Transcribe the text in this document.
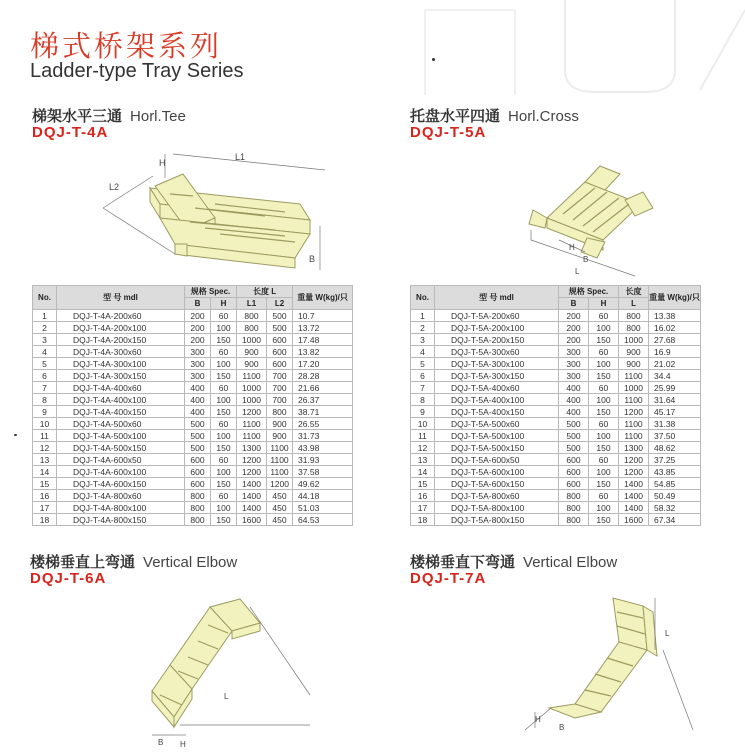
梯式桥架系列
Ladder-type Tray Series
梯架水平三通 Horl.Tee
DQJ-T-4A
H
L2
L1
B
No.	型 号 mdl	规格 Spec.		长度 L		重量 W(kg)/只
		B	H	L1	L2	
1	DQJ-T-4A-200x60	200	60	800	500	10.7
2	DQJ-T-4A-200x100	200	100	800	500	13.72
3	DQJ-T-4A-200x150	200	150	1000	600	17.48
4	DQJ-T-4A-300x60	300	60	900	600	13.82
5	DQJ-T-4A-300x100	300	100	900	600	17.20
6	DQJ-T-4A-300x150	300	150	1100	700	28.28
7	DQJ-T-4A-400x60	400	60	1000	700	21.66
8	DQJ-T-4A-400x100	400	100	1000	700	26.37
9	DQJ-T-4A-400x150	400	150	1200	800	38.71
10	DQJ-T-4A-500x60	500	60	1100	900	26.55
11	DQJ-T-4A-500x100	500	100	1100	900	31.73
12	DQJ-T-4A-500x150	500	150	1300	1100	43.98
13	DQJ-T-4A-600x50	600	60	1200	1100	31.93
14	DQJ-T-4A-600x100	600	100	1200	1100	37.58
15	DQJ-T-4A-600x150	600	150	1400	1200	49.62
16	DQJ-T-4A-800x60	800	60	1400	450	44.18
17	DQJ-T-4A-800x100	800	100	1400	450	51.03
18	DQJ-T-4A-800x150	800	150	1600	450	64.53
托盘水平四通 Horl.Cross
DQJ-T-5A
H
B
L
No.	型 号 mdl	规格 Spec.		长度	重量 W(kg)/只
		B	H	L	
1	DQJ-T-5A-200x60	200	60	800	13.38
2	DQJ-T-5A-200x100	200	100	800	16.02
3	DQJ-T-5A-200x150	200	150	1000	27.68
4	DQJ-T-5A-300x60	300	60	900	16.9
5	DQJ-T-5A-300x100	300	100	900	21.02
6	DQJ-T-5A-300x150	300	150	1100	34.4
7	DQJ-T-5A-400x60	400	60	1000	25.99
8	DQJ-T-5A-400x100	400	100	1100	31.64
9	DQJ-T-5A-400x150	400	150	1200	45.17
10	DQJ-T-5A-500x60	500	60	1100	31.38
11	DQJ-T-5A-500x100	500	100	1100	37.50
12	DQJ-T-5A-500x150	500	150	1300	48.62
13	DQJ-T-5A-600x50	600	60	1200	37.25
14	DQJ-T-5A-600x100	600	100	1200	43.85
15	DQJ-T-5A-600x150	600	150	1400	54.85
16	DQJ-T-5A-800x60	800	60	1400	50.49
17	DQJ-T-5A-800x100	800	100	1400	58.32
18	DQJ-T-5A-800x150	800	150	1600	67.34
楼梯垂直上弯通 Vertical Elbow
DQJ-T-6A
L
B H
楼梯垂直下弯通 Vertical Elbow
DQJ-T-7A
L
H
B
